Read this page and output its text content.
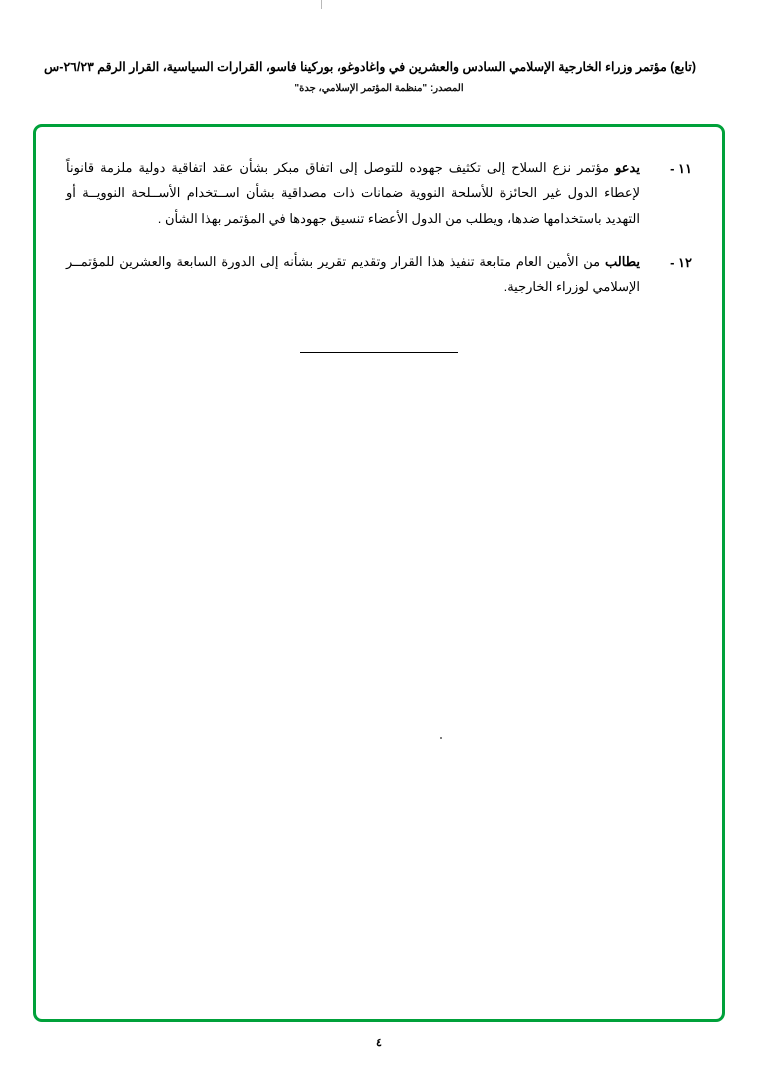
(تابع) مؤتمر وزراء الخارجية الإسلامي السادس والعشرين في واغادوغو، بوركينا فاسو، القرارات السياسية، القرار الرقم ٢٦/٢٣-س
المصدر: "منظمة المؤتمر الإسلامي، جدة"
١١ -
يدعو مؤتمر نزع السلاح إلى تكثيف جهوده للتوصل إلى اتفاق مبكر بشأن عقد اتفاقية دولية ملزمة قانوناً لإعطاء الدول غير الحائزة للأسلحة النووية ضمانات ذات مصداقية بشأن اســتخدام الأســلحة النوويــة أو التهديد باستخدامها ضدها، ويطلب من الدول الأعضاء تنسيق جهودها في المؤتمر بهذا الشأن .
١٢ -
يطالب من الأمين العام متابعة تنفيذ هذا القرار وتقديم تقرير بشأنه إلى الدورة السابعة والعشرين للمؤتمــر الإسلامي لوزراء الخارجية.
٤
